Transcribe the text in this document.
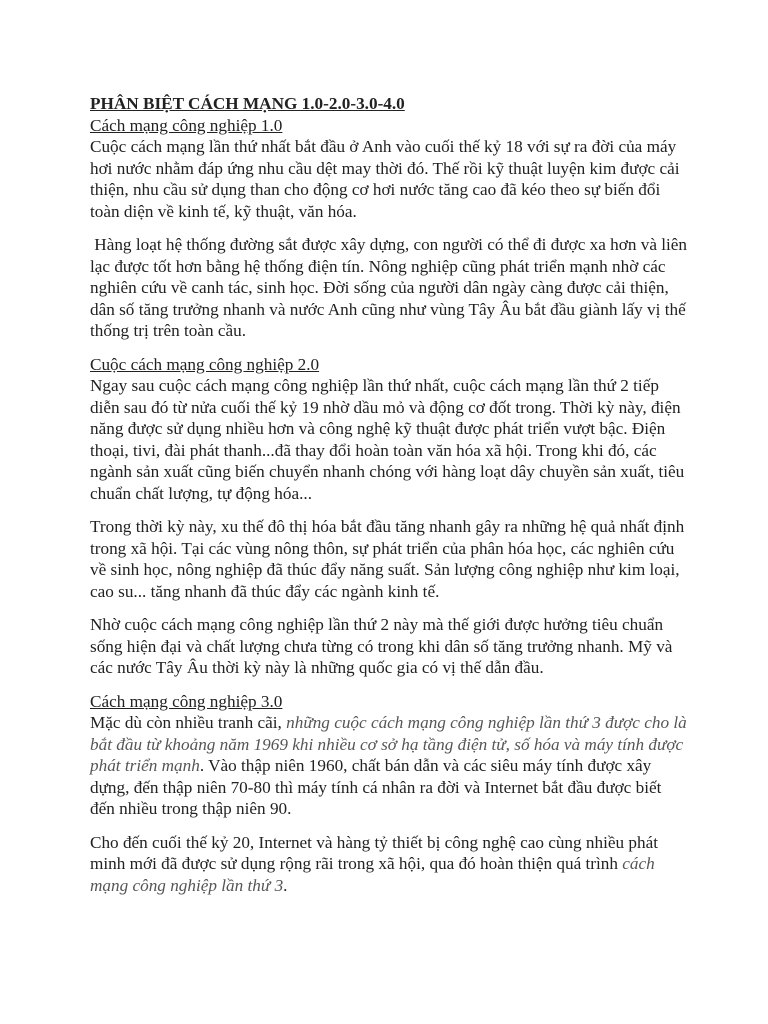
PHÂN BIỆT CÁCH MẠNG 1.0-2.0-3.0-4.0

Cách mạng công nghiệp 1.0

Cuộc cách mạng lần thứ nhất bắt đầu ở Anh vào cuối thế kỷ 18 với sự ra đời của máy hơi nước nhằm đáp ứng nhu cầu dệt may thời đó. Thế rồi kỹ thuật luyện kim được cải thiện, nhu cầu sử dụng than cho động cơ hơi nước tăng cao đã kéo theo sự biến đổi toàn diện về kinh tế, kỹ thuật, văn hóa.

Hàng loạt hệ thống đường sắt được xây dựng, con người có thể đi được xa hơn và liên lạc được tốt hơn bằng hệ thống điện tín. Nông nghiệp cũng phát triển mạnh nhờ các nghiên cứu về canh tác, sinh học. Đời sống của người dân ngày càng được cải thiện, dân số tăng trưởng nhanh và nước Anh cũng như vùng Tây Âu bắt đầu giành lấy vị thế thống trị trên toàn cầu.

Cuộc cách mạng công nghiệp 2.0

Ngay sau cuộc cách mạng công nghiệp lần thứ nhất, cuộc cách mạng lần thứ 2 tiếp diễn sau đó từ nửa cuối thế kỷ 19 nhờ dầu mỏ và động cơ đốt trong. Thời kỳ này, điện năng được sử dụng nhiều hơn và công nghệ kỹ thuật được phát triển vượt bậc. Điện thoại, tivi, đài phát thanh...đã thay đổi hoàn toàn văn hóa xã hội. Trong khi đó, các ngành sản xuất cũng biến chuyển nhanh chóng với hàng loạt dây chuyền sản xuất, tiêu chuẩn chất lượng, tự động hóa...

Trong thời kỳ này, xu thế đô thị hóa bắt đầu tăng nhanh gây ra những hệ quả nhất định trong xã hội. Tại các vùng nông thôn, sự phát triển của phân hóa học, các nghiên cứu về sinh học, nông nghiệp đã thúc đẩy năng suất. Sản lượng công nghiệp như kim loại, cao su... tăng nhanh đã thúc đẩy các ngành kinh tế.

Nhờ cuộc cách mạng công nghiệp lần thứ 2 này mà thế giới được hưởng tiêu chuẩn sống hiện đại và chất lượng chưa từng có trong khi dân số tăng trưởng nhanh. Mỹ và các nước Tây Âu thời kỳ này là những quốc gia có vị thế dẫn đầu.

Cách mạng công nghiệp 3.0

Mặc dù còn nhiều tranh cãi, những cuộc cách mạng công nghiệp lần thứ 3 được cho là bắt đầu từ khoảng năm 1969 khi nhiều cơ sở hạ tầng điện tử, số hóa và máy tính được phát triển mạnh. Vào thập niên 1960, chất bán dẫn và các siêu máy tính được xây dựng, đến thập niên 70-80 thì máy tính cá nhân ra đời và Internet bắt đầu được biết đến nhiều trong thập niên 90.

Cho đến cuối thế kỷ 20, Internet và hàng tỷ thiết bị công nghệ cao cùng nhiều phát minh mới đã được sử dụng rộng rãi trong xã hội, qua đó hoàn thiện quá trình cách mạng công nghiệp lần thứ 3.
